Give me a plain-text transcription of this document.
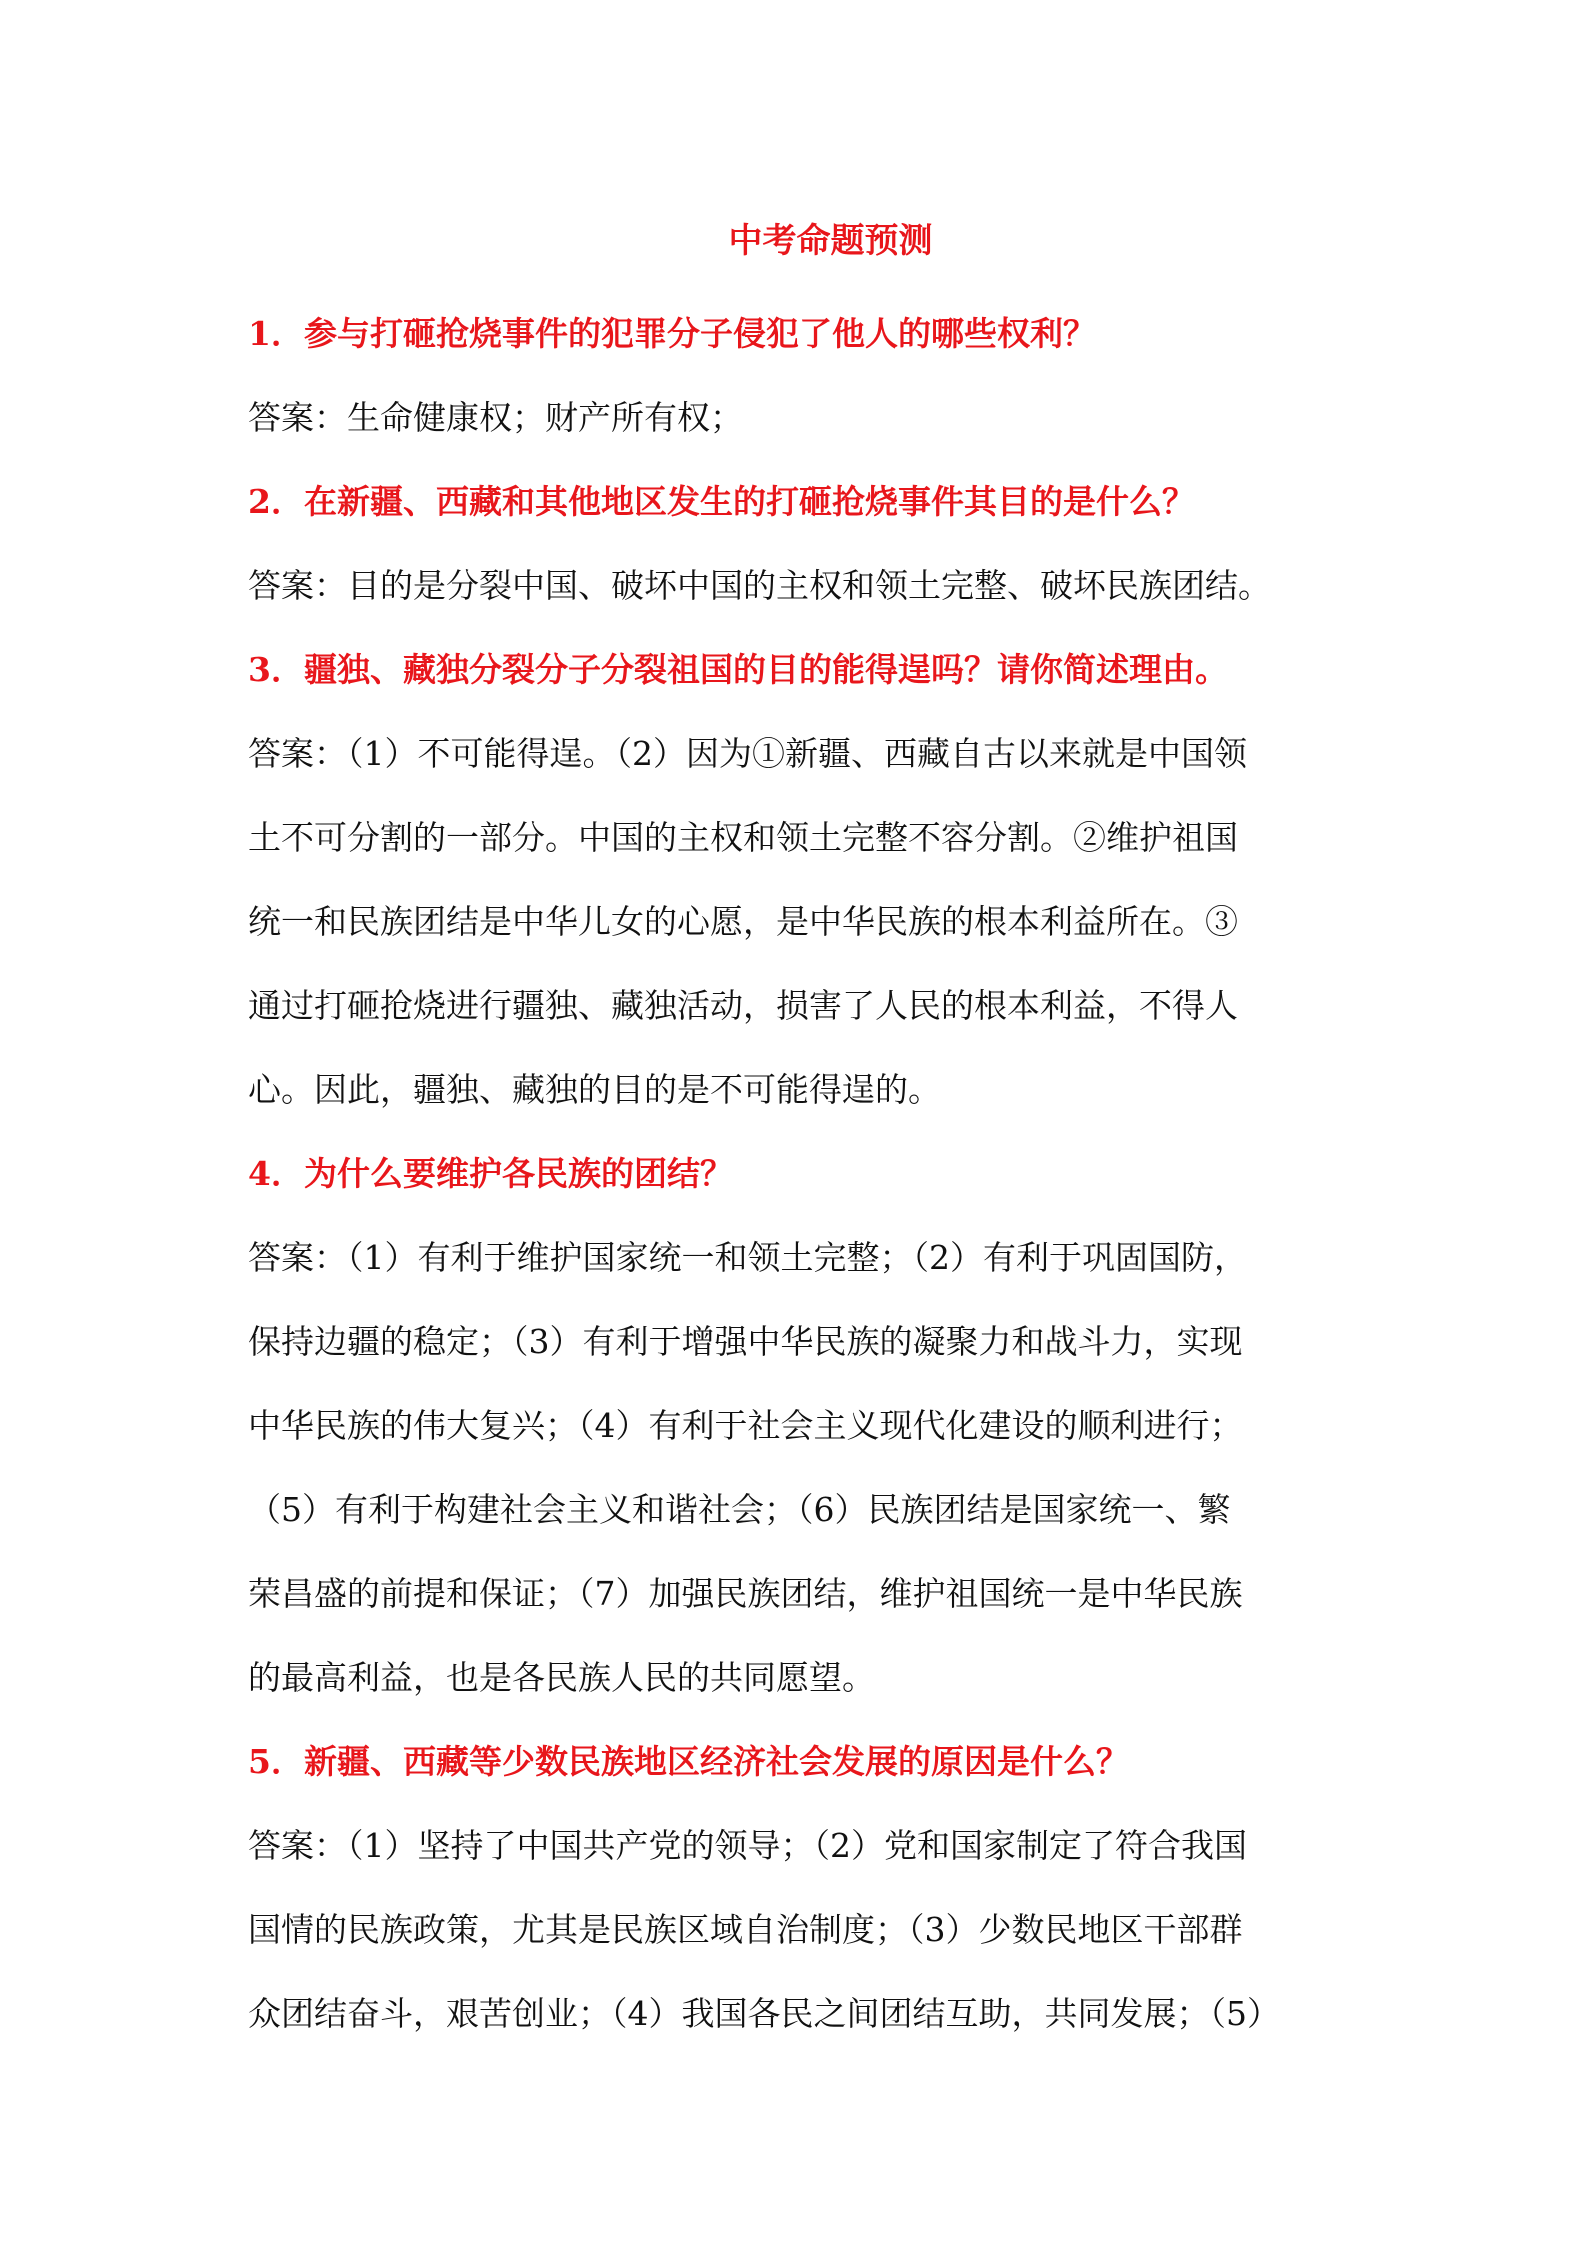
中考命题预测

1．参与打砸抢烧事件的犯罪分子侵犯了他人的哪些权利？

答案：生命健康权；财产所有权；

2．在新疆、西藏和其他地区发生的打砸抢烧事件其目的是什么？

答案：目的是分裂中国、破坏中国的主权和领土完整、破坏民族团结。

3．疆独、藏独分裂分子分裂祖国的目的能得逞吗？请你简述理由。

答案：（1）不可能得逞。（2）因为①新疆、西藏自古以来就是中国领
土不可分割的一部分。中国的主权和领土完整不容分割。②维护祖国
统一和民族团结是中华儿女的心愿，是中华民族的根本利益所在。③
通过打砸抢烧进行疆独、藏独活动，损害了人民的根本利益，不得人
心。因此，疆独、藏独的目的是不可能得逞的。

4．为什么要维护各民族的团结？

答案：（1）有利于维护国家统一和领土完整；（2）有利于巩固国防，
保持边疆的稳定；（3）有利于增强中华民族的凝聚力和战斗力，实现
中华民族的伟大复兴；（4）有利于社会主义现代化建设的顺利进行；
（5）有利于构建社会主义和谐社会；（6）民族团结是国家统一、繁
荣昌盛的前提和保证；（7）加强民族团结，维护祖国统一是中华民族
的最高利益，也是各民族人民的共同愿望。

5．新疆、西藏等少数民族地区经济社会发展的原因是什么？

答案：（1）坚持了中国共产党的领导；（2）党和国家制定了符合我国
国情的民族政策，尤其是民族区域自治制度；（3）少数民地区干部群
众团结奋斗，艰苦创业；（4）我国各民之间团结互助，共同发展；（5）
